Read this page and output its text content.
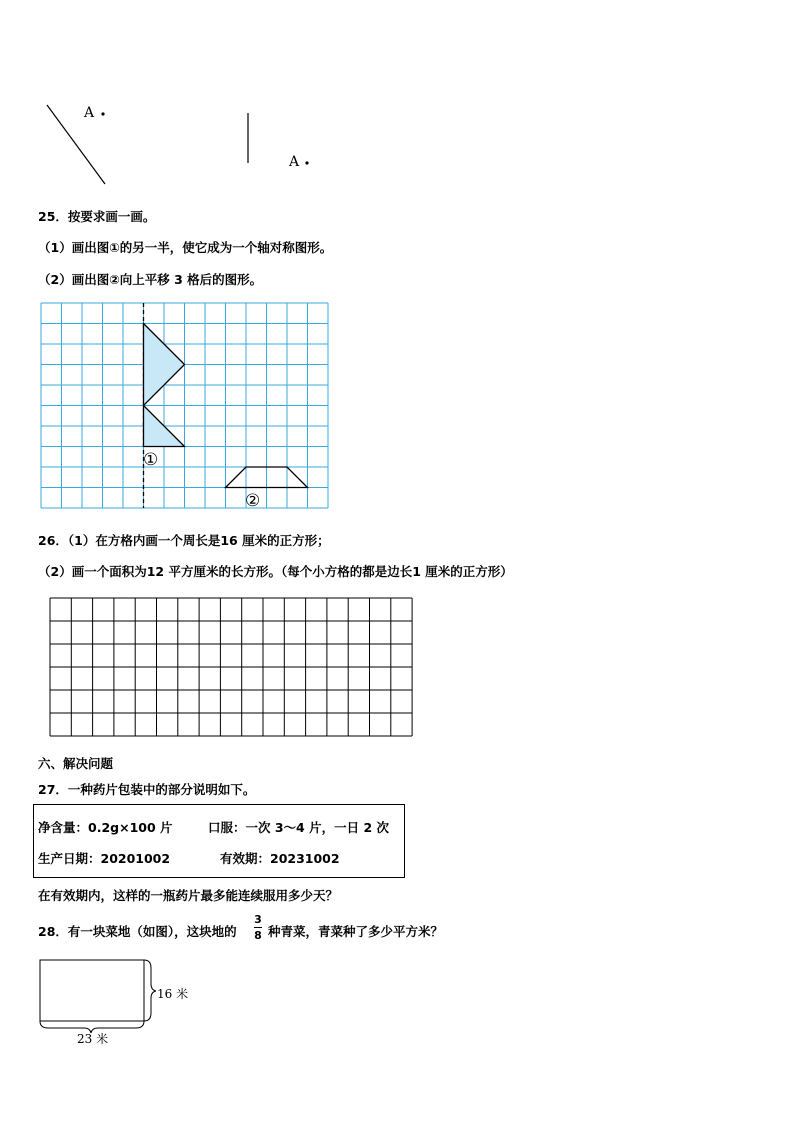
A
A
25．按要求画一画。
（1）画出图①的另一半，使它成为一个轴对称图形。
（2）画出图②向上平移 3 格后的图形。
①
②
26．（1）在方格内画一个周长是16 厘米的正方形；
（2）画一个面积为12 平方厘米的长方形。（每个小方格的都是边长1 厘米的正方形）
六、解决问题
27．一种药片包装中的部分说明如下。
净含量：0.2g×100 片	口服：一次 3～4 片，一日 2 次
生产日期：20201002	有效期：20231002
在有效期内，这样的一瓶药片最多能连续服用多少天？
28．有一块菜地（如图），这块地的
3
8 种青菜，青菜种了多少平方米？
16 米
23 米
